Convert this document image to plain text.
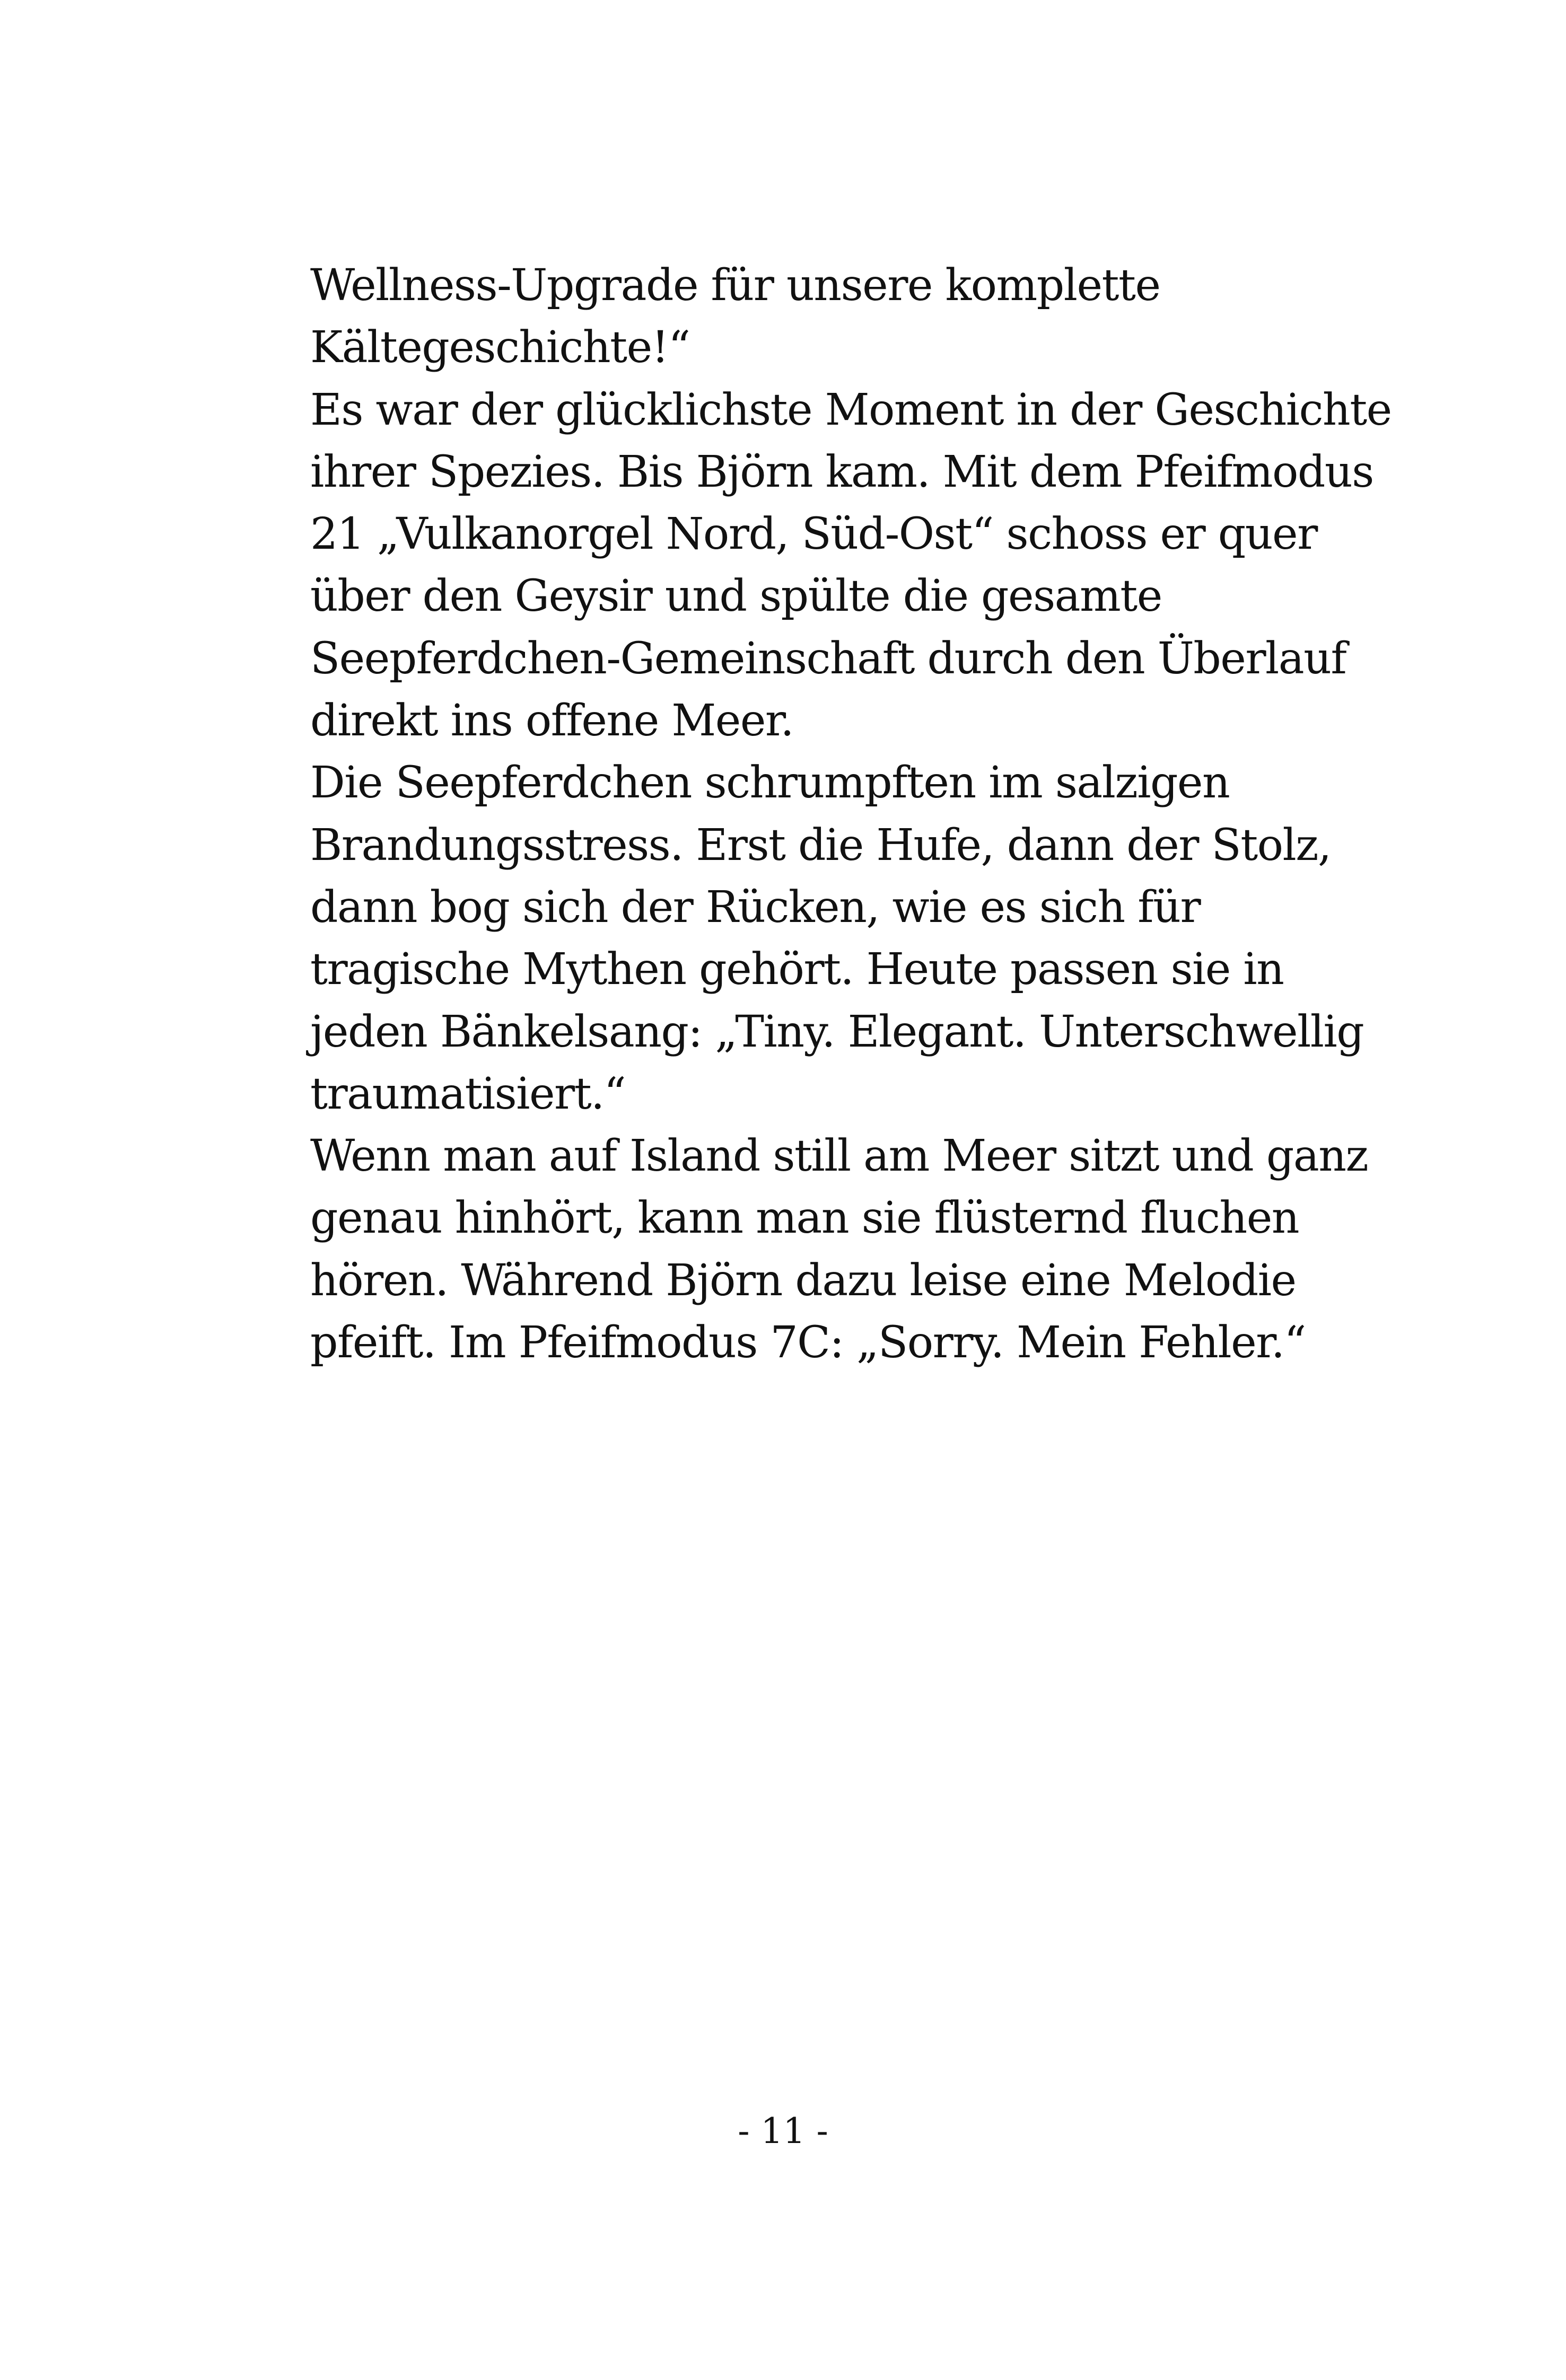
Wellness-Upgrade für unsere komplette
Kältegeschichte!“
Es war der glücklichste Moment in der Geschichte
ihrer Spezies. Bis Björn kam. Mit dem Pfeifmodus
21 „Vulkanorgel Nord, Süd-Ost“ schoss er quer
über den Geysir und spülte die gesamte
Seepferdchen-Gemeinschaft durch den Überlauf
direkt ins offene Meer.
Die Seepferdchen schrumpften im salzigen
Brandungsstress. Erst die Hufe, dann der Stolz,
dann bog sich der Rücken, wie es sich für
tragische Mythen gehört. Heute passen sie in
jeden Bänkelsang: „Tiny. Elegant. Unterschwellig
traumatisiert.“
Wenn man auf Island still am Meer sitzt und ganz
genau hinhört, kann man sie flüsternd fluchen
hören. Während Björn dazu leise eine Melodie
pfeift. Im Pfeifmodus 7C: „Sorry. Mein Fehler.“
- 11 -
